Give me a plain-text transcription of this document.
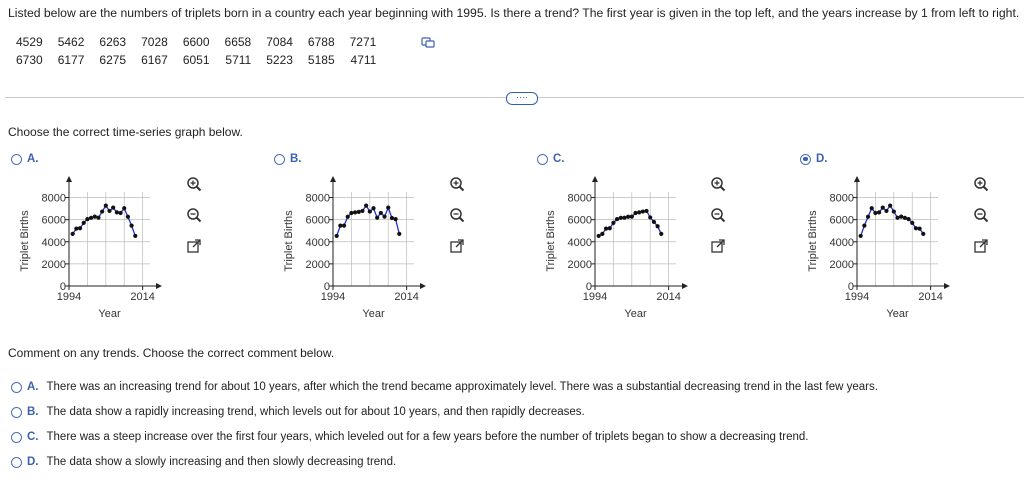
Listed below are the numbers of triplets born in a country each year beginning with 1995. Is there a trend? The first year is given in the top left, and the years increase by 1 from left to right.
4529	5462	6263	7028	6600	6658	7084	6788	7271
6730	6177	6275	6167	6051	5711	5223	5185	4711
····
Choose the correct time-series graph below.
A.	B.	C.	D.
0
2000
4000
6000
8000
1994	2014
Year
Triplet Births
0
2000
4000
6000
8000
1994	2014
Year
Triplet Births
0
2000
4000
6000
8000
1994	2014
Year
Triplet Births
0
2000
4000
6000
8000
1994	2014
Year
Triplet Births
Comment on any trends. Choose the correct comment below.
A. There was an increasing trend for about 10 years, after which the trend became approximately level. There was a substantial decreasing trend in the last few years.
B. The data show a rapidly increasing trend, which levels out for about 10 years, and then rapidly decreases.
C. There was a steep increase over the first four years, which leveled out for a few years before the number of triplets began to show a decreasing trend.
D. The data show a slowly increasing and then slowly decreasing trend.
